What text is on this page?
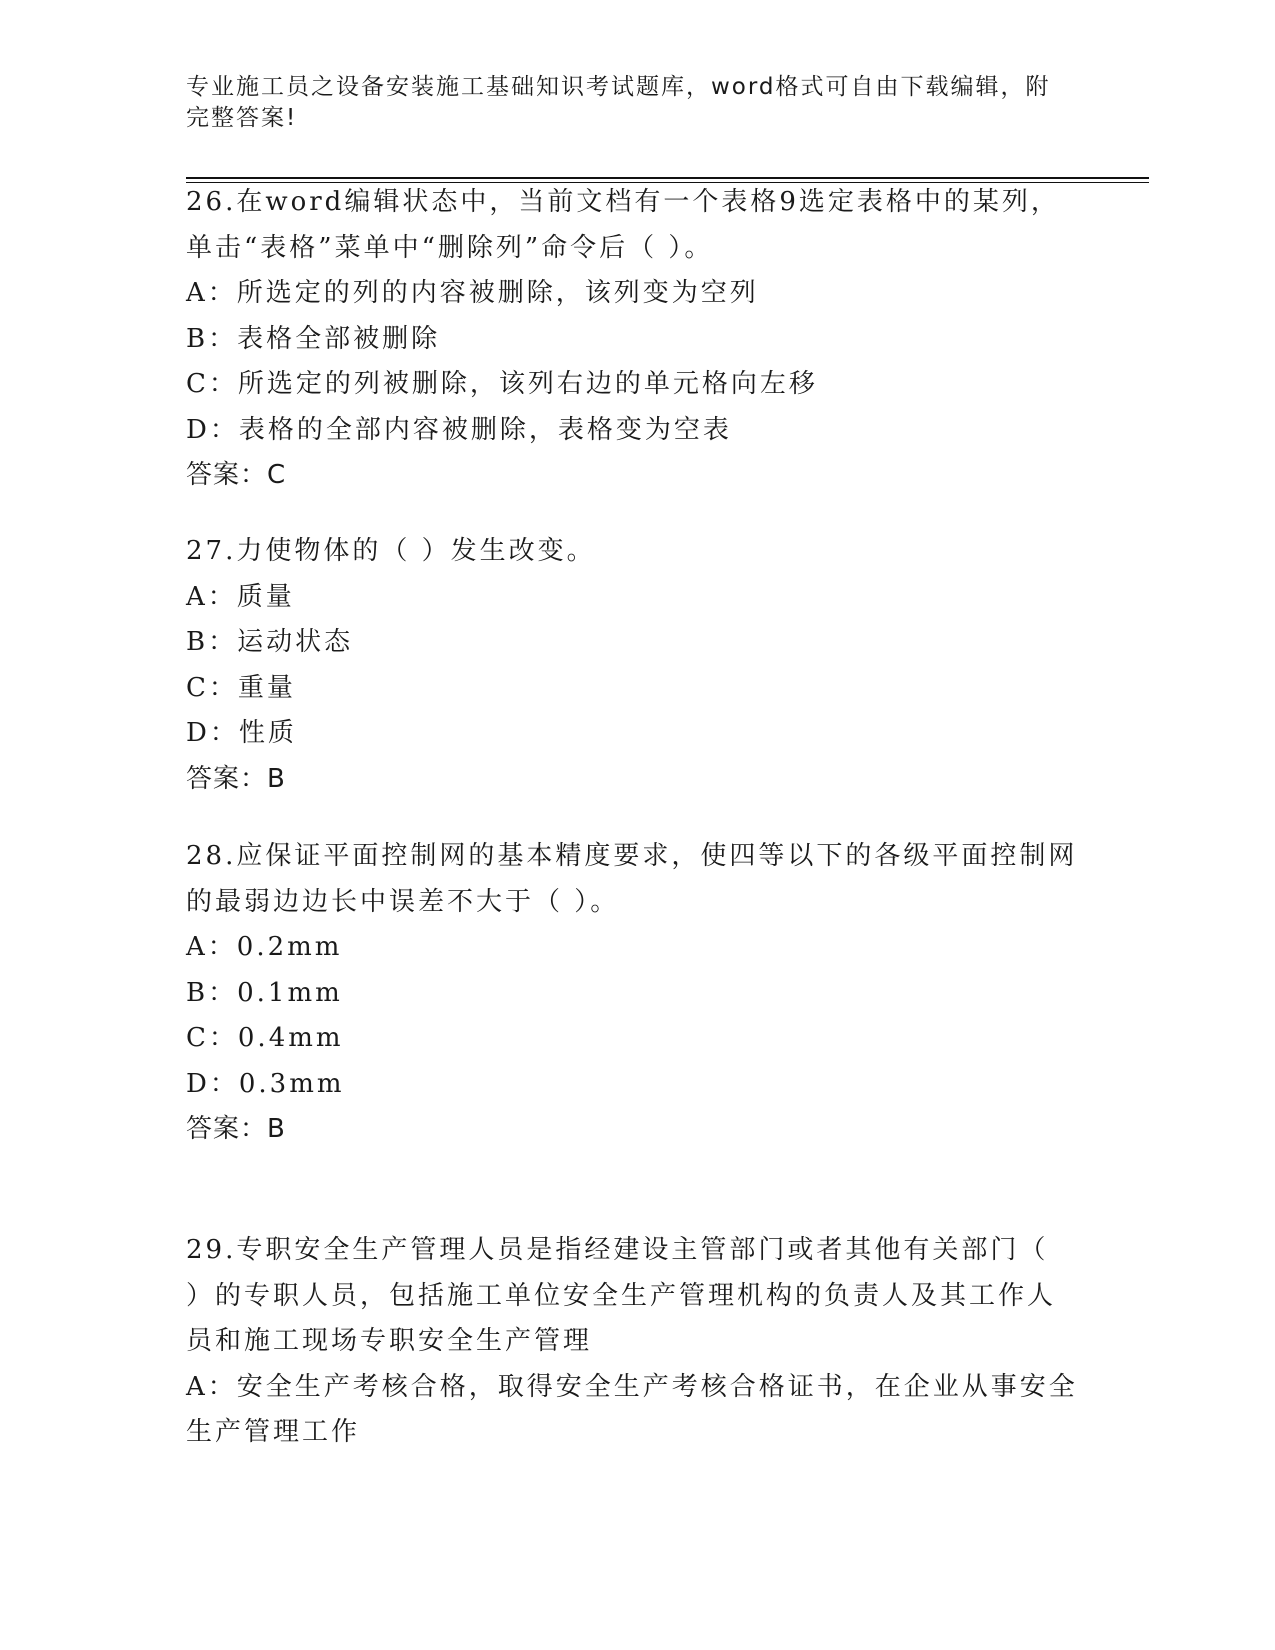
专业施工员之设备安装施工基础知识考试题库，word格式可自由下载编辑，附完整答案!

26.在word编辑状态中，当前文档有一个表格9选定表格中的某列，

单击“表格”菜单中“删除列”命令后（ ）。

A：所选定的列的内容被删除，该列变为空列

B：表格全部被删除

C：所选定的列被删除，该列右边的单元格向左移

D：表格的全部内容被删除，表格变为空表

答案：C

27.力使物体的（ ）发生改变。

A：质量

B：运动状态

C：重量

D：性质

答案：B

28.应保证平面控制网的基本精度要求，使四等以下的各级平面控制网

的最弱边边长中误差不大于（ ）。

A：0.2mm

B：0.1mm

C：0.4mm

D：0.3mm

答案：B

29.专职安全生产管理人员是指经建设主管部门或者其他有关部门（

）的专职人员，包括施工单位安全生产管理机构的负责人及其工作人

员和施工现场专职安全生产管理

A：安全生产考核合格，取得安全生产考核合格证书，在企业从事安全

生产管理工作
